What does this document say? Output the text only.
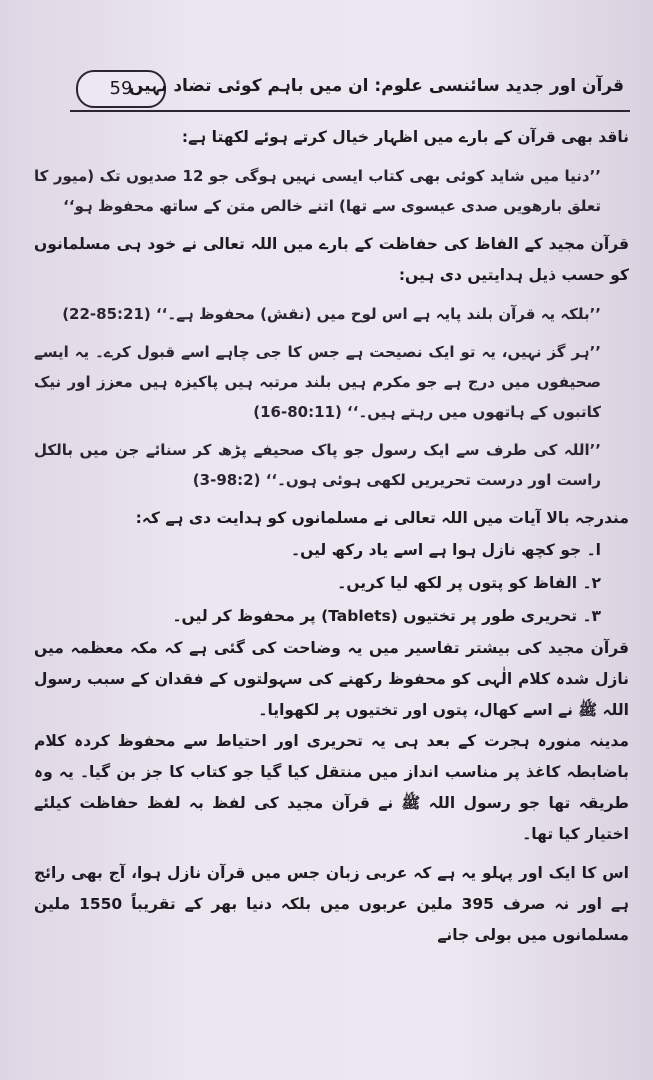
59
قرآن اور جدید سائنسی علوم: ان میں باہم کوئی تضاد نہیں

ناقد بھی قرآن کے بارے میں اظہار خیال کرتے ہوئے لکھتا ہے:

’’دنیا میں شاید کوئی بھی کتاب ایسی نہیں ہوگی جو 12 صدیوں تک (میور کا تعلق بارھویں صدی عیسوی سے تھا) اتنے خالص متن کے ساتھ محفوظ ہو‘‘

قرآن مجید کے الفاظ کی حفاظت کے بارے میں اللہ تعالی نے خود ہی مسلمانوں کو حسب ذیل ہدایتیں دی ہیں:

’’بلکہ یہ قرآن بلند پایہ ہے اس لوح میں (نقش) محفوظ ہے۔‘‘ (85:21-22)

’’ہر گز نہیں، یہ تو ایک نصیحت ہے جس کا جی چاہے اسے قبول کرے۔ یہ ایسے صحیفوں میں درج ہے جو مکرم ہیں بلند مرتبہ ہیں پاکیزہ ہیں معزز اور نیک کاتبوں کے ہاتھوں میں رہتے ہیں۔‘‘ (80:11-16)

’’اللہ کی طرف سے ایک رسول جو پاک صحیفے پڑھ کر سنائے جن میں بالکل راست اور درست تحریریں لکھی ہوئی ہوں۔‘‘ (98:2-3)

مندرجہ بالا آیات میں اللہ تعالی نے مسلمانوں کو ہدایت دی ہے کہ:

ا۔ جو کچھ نازل ہوا ہے اسے یاد رکھ لیں۔
۲۔ الفاظ کو پتوں پر لکھ لیا کریں۔
۳۔ تحریری طور پر تختیوں (Tablets) پر محفوظ کر لیں۔

قرآن مجید کی بیشتر تفاسیر میں یہ وضاحت کی گئی ہے کہ مکہ معظمہ میں نازل شدہ کلام الٰہی کو محفوظ رکھنے کی سہولتوں کے فقدان کے سبب رسول اللہ ﷺ نے اسے کھال، پتوں اور تختیوں پر لکھوایا۔

مدینہ منورہ ہجرت کے بعد ہی یہ تحریری اور احتیاط سے محفوظ کردہ کلام باضابطہ کاغذ پر مناسب انداز میں منتقل کیا گیا جو کتاب کا جز بن گیا۔ یہ وہ طریقہ تھا جو رسول اللہ ﷺ نے قرآن مجید کی لفظ بہ لفظ حفاظت کیلئے اختیار کیا تھا۔

اس کا ایک اور پہلو یہ ہے کہ عربی زبان جس میں قرآن نازل ہوا، آج بھی رائج ہے اور نہ صرف 395 ملین عربوں میں بلکہ دنیا بھر کے تقریباً 1550 ملین مسلمانوں میں بولی جانے
